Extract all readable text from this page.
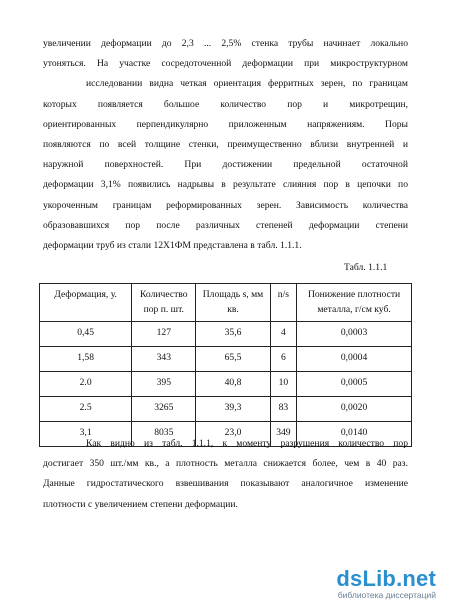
увеличении деформации до 2,3 ... 2,5% стенка трубы начинает локально
утоняться. На участке сосредоточенной деформации при микроструктурном
исследовании видна четкая ориентация ферритных зерен, по границам
которых появляется большое количество пор и микротрещин,
ориентированных перпендикулярно приложенным напряжениям. Поры
появляются по всей толщине стенки, преимущественно вблизи внутренней и
наружной поверхностей. При достижении предельной остаточной
деформации 3,1% появились надрывы в результате слияния пор в цепочки по
укороченным границам реформированных зерен. Зависимость количества
образовавшихся пор после различных степеней деформации степени
деформации труб из стали 12Х1ФМ представлена в табл. 1.1.1.

Табл. 1.1.1
Деформация, у.	Количество пор п. шт.	Площадь s, мм кв.	n/s	Понижение плотности металла, г/см куб.
0,45	127	35,6	4	0,0003
1,58	343	65,5	6	0,0004
2.0	395	40,8	10	0,0005
2.5	3265	39,3	83	0,0020
3,1	8035	23,0	349	0,0140

Как видно из табл. 1.1.1, к моменту разрушения количество пор
достигает 350 шт./мм кв., а плотность металла снижается более, чем в 40 раз.
Данные гидростатического взвешивания показывают аналогичное изменение
плотности с увеличением степени деформации.

dsLib.net
библиотека диссертаций
